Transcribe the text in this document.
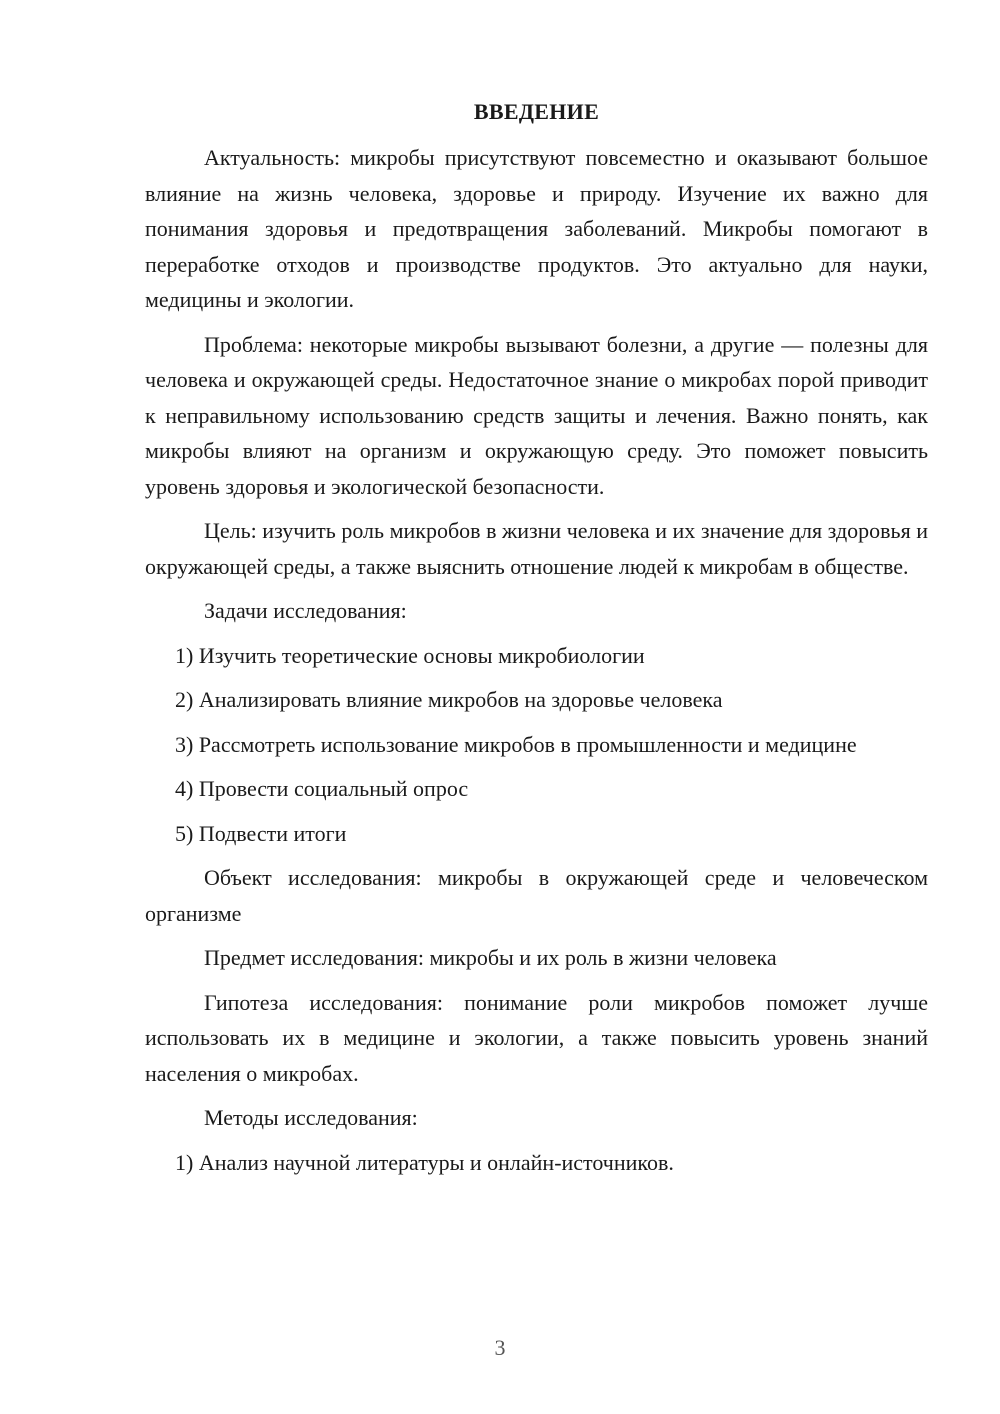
ВВЕДЕНИЕ
Актуальность: микробы присутствуют повсеместно и оказывают большое влияние на жизнь человека, здоровье и природу. Изучение их важно для понимания здоровья и предотвращения заболеваний. Микробы помогают в переработке отходов и производстве продуктов. Это актуально для науки, медицины и экологии.
Проблема: некоторые микробы вызывают болезни, а другие — полезны для человека и окружающей среды. Недостаточное знание о микробах порой приводит к неправильному использованию средств защиты и лечения. Важно понять, как микробы влияют на организм и окружающую среду. Это поможет повысить уровень здоровья и экологической безопасности.
Цель: изучить роль микробов в жизни человека и их значение для здоровья и окружающей среды, а также выяснить отношение людей к микробам в обществе.
Задачи исследования:
1) Изучить теоретические основы микробиологии
2) Анализировать влияние микробов на здоровье человека
3) Рассмотреть использование микробов в промышленности и медицине
4) Провести социальный опрос
5) Подвести итоги
Объект исследования: микробы в окружающей среде и человеческом организме
Предмет исследования: микробы и их роль в жизни человека
Гипотеза исследования: понимание роли микробов поможет лучше использовать их в медицине и экологии, а также повысить уровень знаний населения о микробах.
Методы исследования:
1) Анализ научной литературы и онлайн-источников.
3
